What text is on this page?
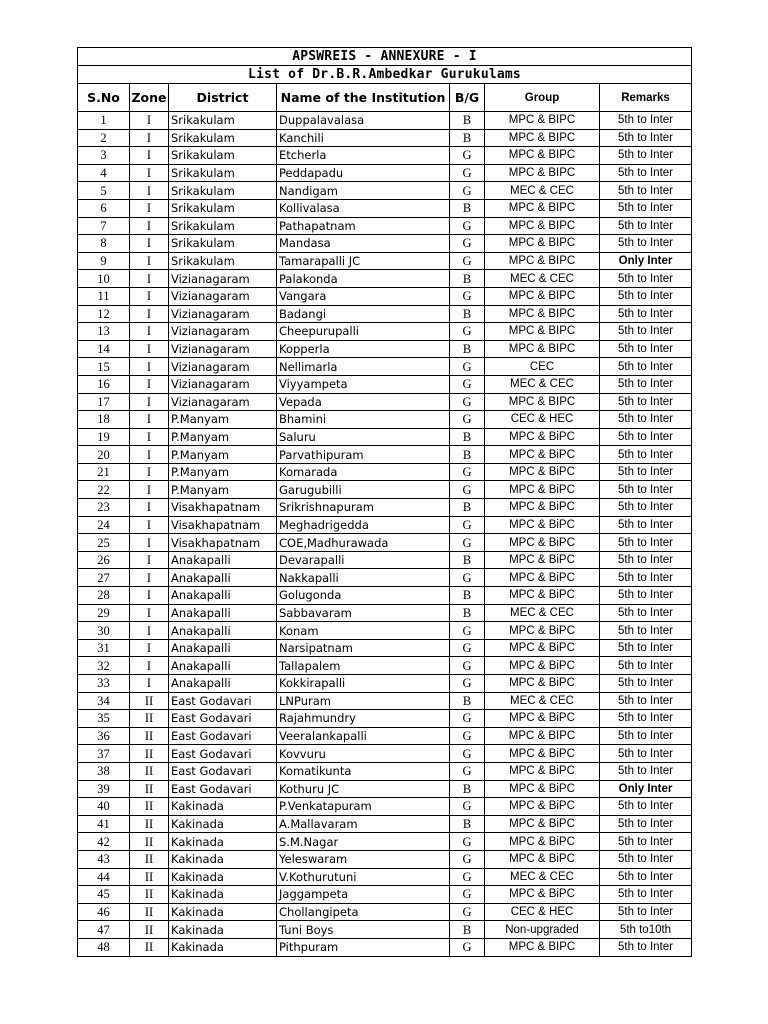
APSWREIS - ANNEXURE - I						
List of Dr.B.R.Ambedkar Gurukulams						
S.No	Zone	District	Name of the Institution	B/G	Group	Remarks
1	I	Srikakulam	Duppalavalasa	B	MPC & BIPC	5th to Inter
2	I	Srikakulam	Kanchili	B	MPC & BIPC	5th to Inter
3	I	Srikakulam	Etcherla	G	MPC & BIPC	5th to Inter
4	I	Srikakulam	Peddapadu	G	MPC & BIPC	5th to Inter
5	I	Srikakulam	Nandigam	G	MEC & CEC	5th to Inter
6	I	Srikakulam	Kollivalasa	B	MPC & BIPC	5th to Inter
7	I	Srikakulam	Pathapatnam	G	MPC & BIPC	5th to Inter
8	I	Srikakulam	Mandasa	G	MPC & BIPC	5th to Inter
9	I	Srikakulam	Tamarapalli JC	G	MPC & BIPC	Only Inter
10	I	Vizianagaram	Palakonda	B	MEC & CEC	5th to Inter
11	I	Vizianagaram	Vangara	G	MPC & BIPC	5th to Inter
12	I	Vizianagaram	Badangi	B	MPC & BIPC	5th to Inter
13	I	Vizianagaram	Cheepurupalli	G	MPC & BIPC	5th to Inter
14	I	Vizianagaram	Kopperla	B	MPC & BIPC	5th to Inter
15	I	Vizianagaram	Nellimarla	G	CEC	5th to Inter
16	I	Vizianagaram	Viyyampeta	G	MEC & CEC	5th to Inter
17	I	Vizianagaram	Vepada	G	MPC & BIPC	5th to Inter
18	I	P.Manyam	Bhamini	G	CEC & HEC	5th to Inter
19	I	P.Manyam	Saluru	B	MPC & BiPC	5th to Inter
20	I	P.Manyam	Parvathipuram	B	MPC & BiPC	5th to Inter
21	I	P.Manyam	Komarada	G	MPC & BiPC	5th to Inter
22	I	P.Manyam	Garugubilli	G	MPC & BiPC	5th to Inter
23	I	Visakhapatnam	Srikrishnapuram	B	MPC & BiPC	5th to Inter
24	I	Visakhapatnam	Meghadrigedda	G	MPC & BiPC	5th to Inter
25	I	Visakhapatnam	COE,Madhurawada	G	MPC & BiPC	5th to Inter
26	I	Anakapalli	Devarapalli	B	MPC & BiPC	5th to Inter
27	I	Anakapalli	Nakkapalli	G	MPC & BiPC	5th to Inter
28	I	Anakapalli	Golugonda	B	MPC & BiPC	5th to Inter
29	I	Anakapalli	Sabbavaram	B	MEC & CEC	5th to Inter
30	I	Anakapalli	Konam	G	MPC & BiPC	5th to Inter
31	I	Anakapalli	Narsipatnam	G	MPC & BiPC	5th to Inter
32	I	Anakapalli	Tallapalem	G	MPC & BiPC	5th to Inter
33	I	Anakapalli	Kokkirapalli	G	MPC & BiPC	5th to Inter
34	II	East Godavari	LNPuram	B	MEC & CEC	5th to Inter
35	II	East Godavari	Rajahmundry	G	MPC & BiPC	5th to Inter
36	II	East Godavari	Veeralankapalli	G	MPC & BIPC	5th to Inter
37	II	East Godavari	Kovvuru	G	MPC & BiPC	5th to Inter
38	II	East Godavari	Komatikunta	G	MPC & BiPC	5th to Inter
39	II	East Godavari	Kothuru JC	B	MPC & BiPC	Only Inter
40	II	Kakinada	P.Venkatapuram	G	MPC & BiPC	5th to Inter
41	II	Kakinada	A.Mallavaram	B	MPC & BiPC	5th to Inter
42	II	Kakinada	S.M.Nagar	G	MPC & BiPC	5th to Inter
43	II	Kakinada	Yeleswaram	G	MPC & BiPC	5th to Inter
44	II	Kakinada	V.Kothurutuni	G	MEC & CEC	5th to Inter
45	II	Kakinada	Jaggampeta	G	MPC & BiPC	5th to Inter
46	II	Kakinada	Chollangipeta	G	CEC & HEC	5th to Inter
47	II	Kakinada	Tuni Boys	B	Non-upgraded	5th to10th
48	II	Kakinada	Pithpuram	G	MPC & BIPC	5th to Inter
